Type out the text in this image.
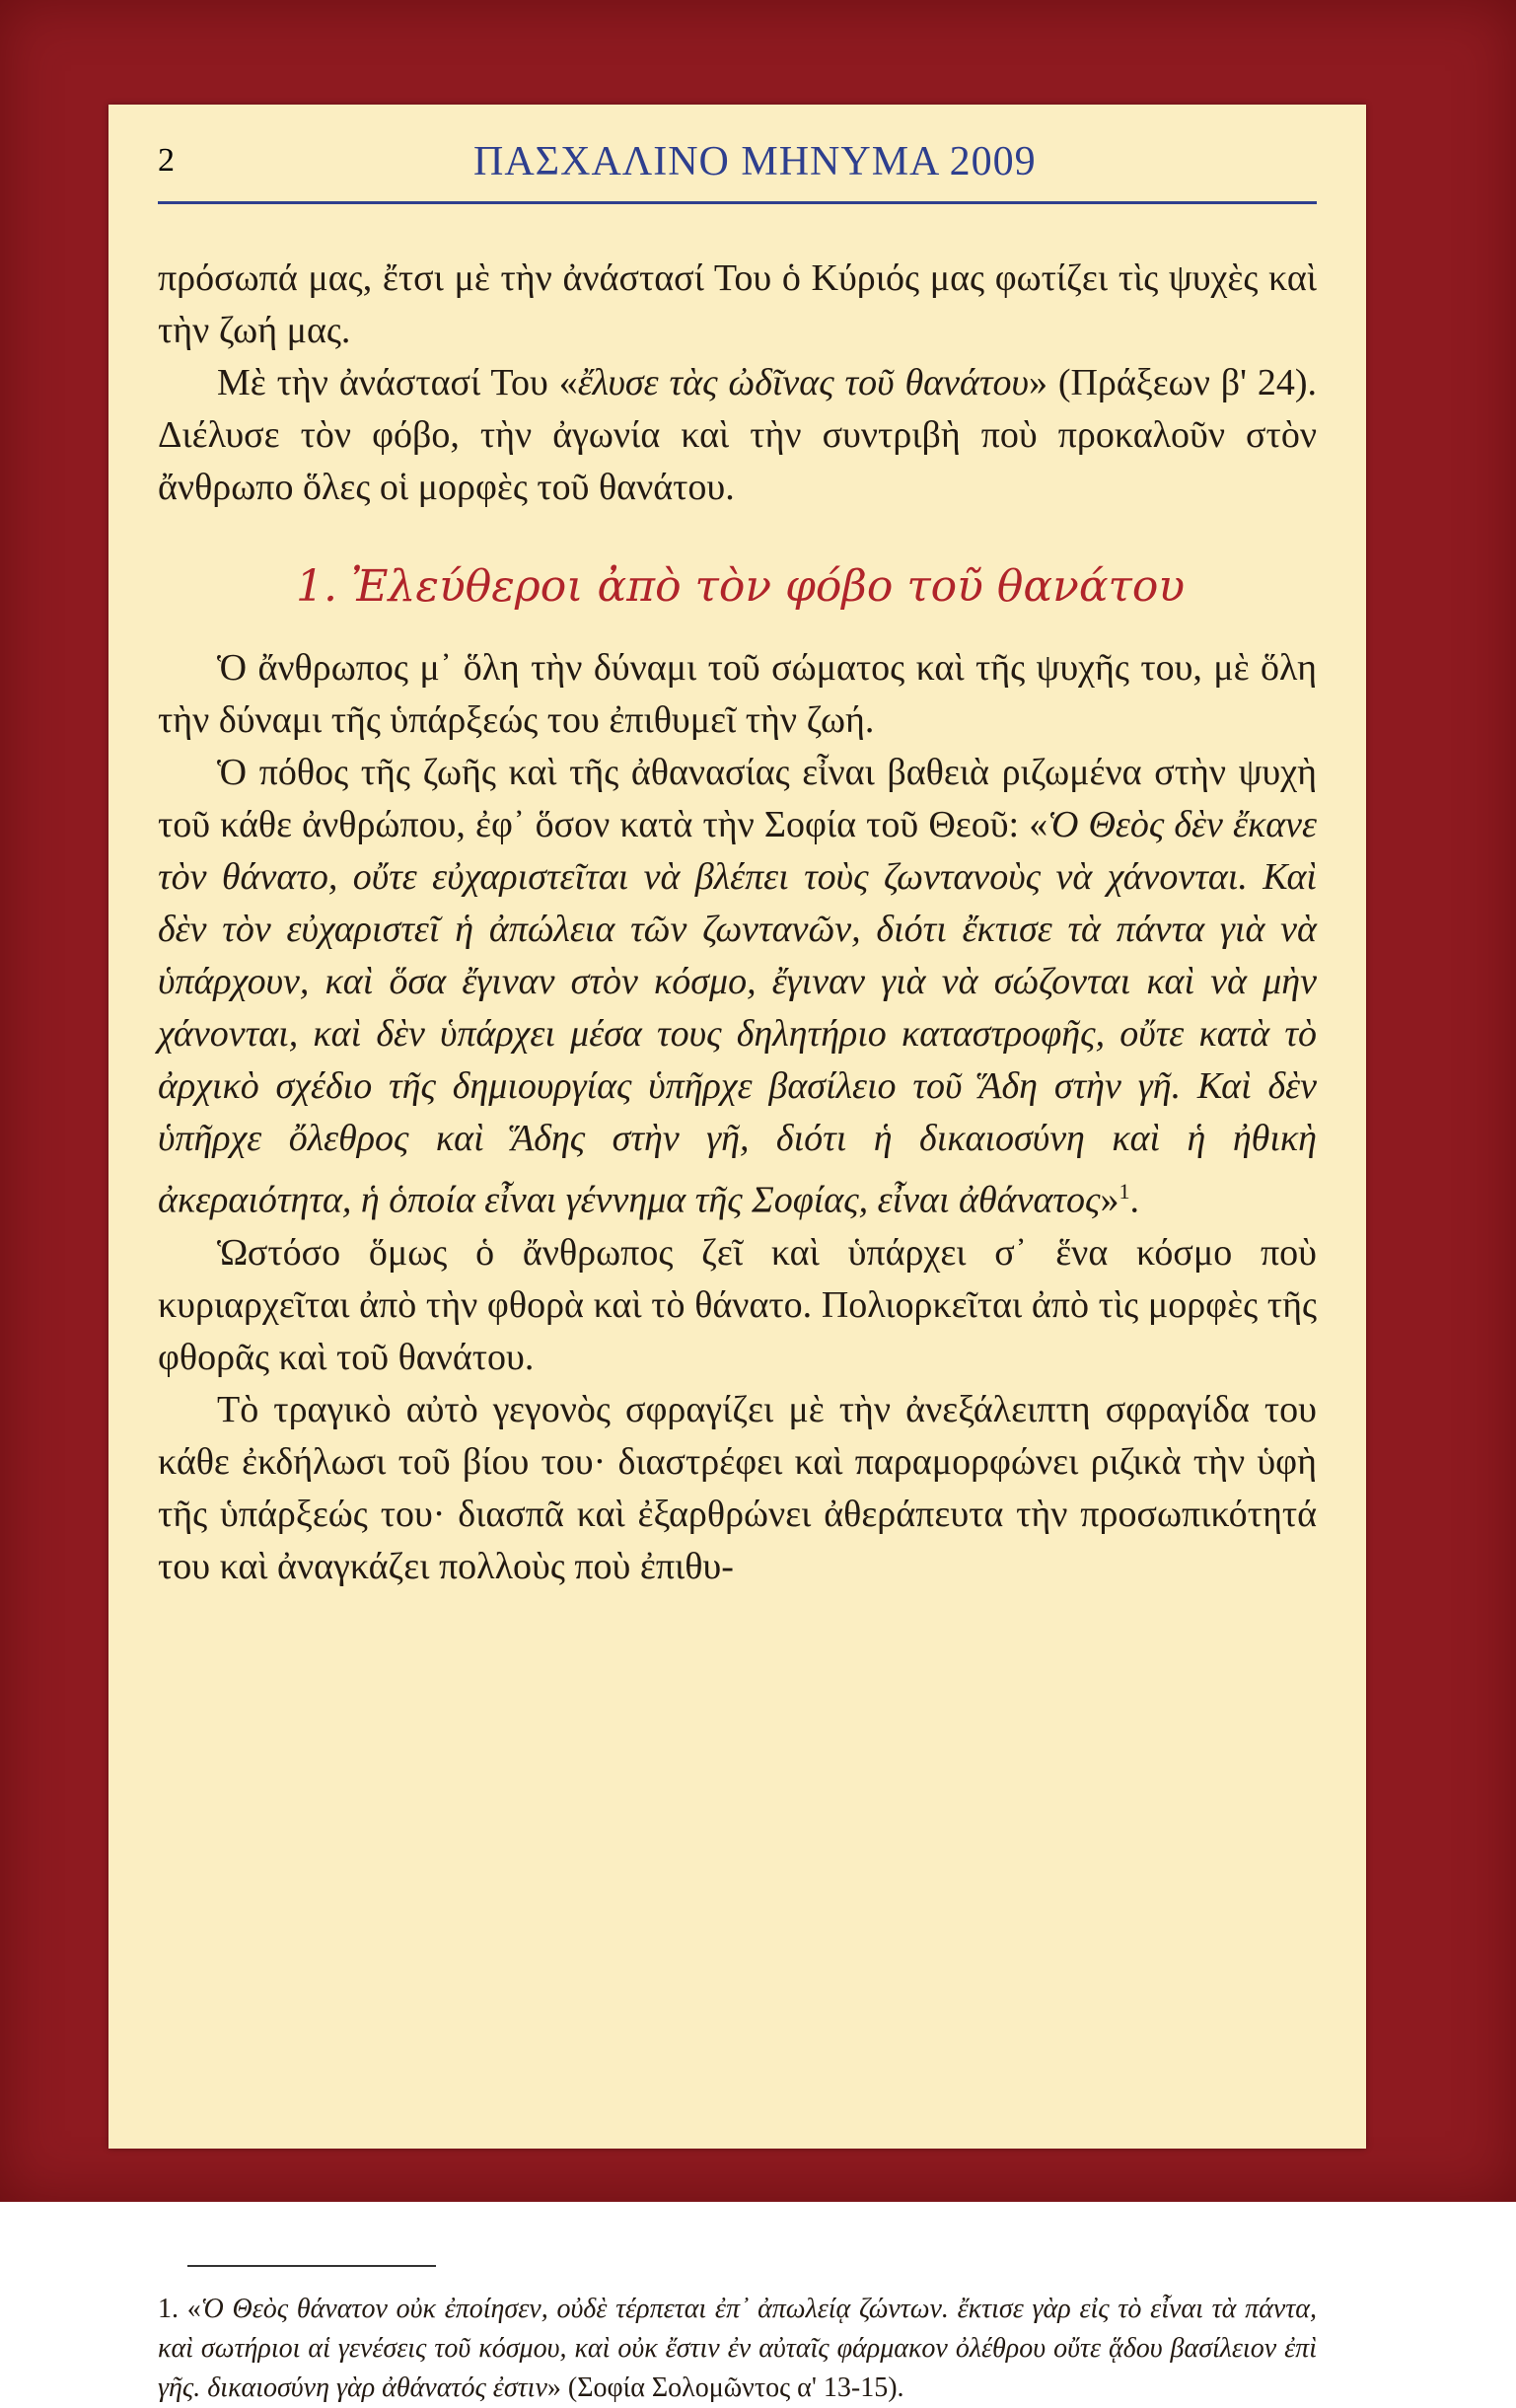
2	ΠΑΣΧΑΛΙΝΟ ΜΗΝΥΜΑ 2009

πρόσωπά μας, ἔτσι μὲ τὴν ἀνάστασί Του ὁ Κύριός μας φωτίζει τὶς ψυχὲς καὶ τὴν ζωή μας.

Μὲ τὴν ἀνάστασί Του «ἔλυσε τὰς ὠδῖνας τοῦ θανάτου» (Πράξεων β' 24). Διέλυσε τὸν φόβο, τὴν ἀγωνία καὶ τὴν συντριβὴ ποὺ προκαλοῦν στὸν ἄνθρωπο ὅλες οἱ μορφὲς τοῦ θανάτου.

1. Ἐλεύθεροι ἀπὸ τὸν φόβο τοῦ θανάτου

Ὁ ἄνθρωπος μ᾽ ὅλη τὴν δύναμι τοῦ σώματος καὶ τῆς ψυχῆς του, μὲ ὅλη τὴν δύναμι τῆς ὑπάρξεώς του ἐπιθυμεῖ τὴν ζωή.

Ὁ πόθος τῆς ζωῆς καὶ τῆς ἀθανασίας εἶναι βαθειὰ ριζωμένα στὴν ψυχὴ τοῦ κάθε ἀνθρώπου, ἐφ᾽ ὅσον κατὰ τὴν Σοφία τοῦ Θεοῦ: «Ὁ Θεὸς δὲν ἔκανε τὸν θάνατο, οὔτε εὐχαριστεῖται νὰ βλέπει τοὺς ζωντανοὺς νὰ χάνονται. Καὶ δὲν τὸν εὐχαριστεῖ ἡ ἀπώλεια τῶν ζωντανῶν, διότι ἔκτισε τὰ πάντα γιὰ νὰ ὑπάρχουν, καὶ ὅσα ἔγιναν στὸν κόσμο, ἔγιναν γιὰ νὰ σώζονται καὶ νὰ μὴν χάνονται, καὶ δὲν ὑπάρχει μέσα τους δηλητήριο καταστροφῆς, οὔτε κατὰ τὸ ἀρχικὸ σχέδιο τῆς δημιουργίας ὑπῆρχε βασίλειο τοῦ Ἅδη στὴν γῆ. Καὶ δὲν ὑπῆρχε ὄλεθρος καὶ Ἅδης στὴν γῆ, διότι ἡ δικαιοσύνη καὶ ἡ ἠθικὴ ἀκεραιότητα, ἡ ὁποία εἶναι γέννημα τῆς Σοφίας, εἶναι ἀθάνατος»$^1$.

Ὡστόσο ὅμως ὁ ἄνθρωπος ζεῖ καὶ ὑπάρχει σ᾽ ἕνα κόσμο ποὺ κυριαρχεῖται ἀπὸ τὴν φθορὰ καὶ τὸ θάνατο. Πολιορκεῖται ἀπὸ τὶς μορφὲς τῆς φθορᾶς καὶ τοῦ θανάτου.

Τὸ τραγικὸ αὐτὸ γεγονὸς σφραγίζει μὲ τὴν ἀνεξάλειπτη σφραγίδα του κάθε ἐκδήλωσι τοῦ βίου του· διαστρέφει καὶ παραμορφώνει ριζικὰ τὴν ὑφὴ τῆς ὑπάρξεώς του· διασπᾶ καὶ ἐξαρθρώνει ἀθεράπευτα τὴν προσωπικότητά του καὶ ἀναγκάζει πολλοὺς ποὺ ἐπιθυ-

1. «Ὁ Θεὸς θάνατον οὐκ ἐποίησεν, οὐδὲ τέρπεται ἐπ᾽ ἀπωλείᾳ ζώντων. ἔκτισε γὰρ εἰς τὸ εἶναι τὰ πάντα, καὶ σωτήριοι αἱ γενέσεις τοῦ κόσμου, καὶ οὐκ ἔστιν ἐν αὐταῖς φάρμακον ὀλέθρου οὔτε ᾅδου βασίλειον ἐπὶ γῆς. δικαιοσύνη γὰρ ἀθάνατός ἐστιν» (Σοφία Σολομῶντος α' 13-15).
